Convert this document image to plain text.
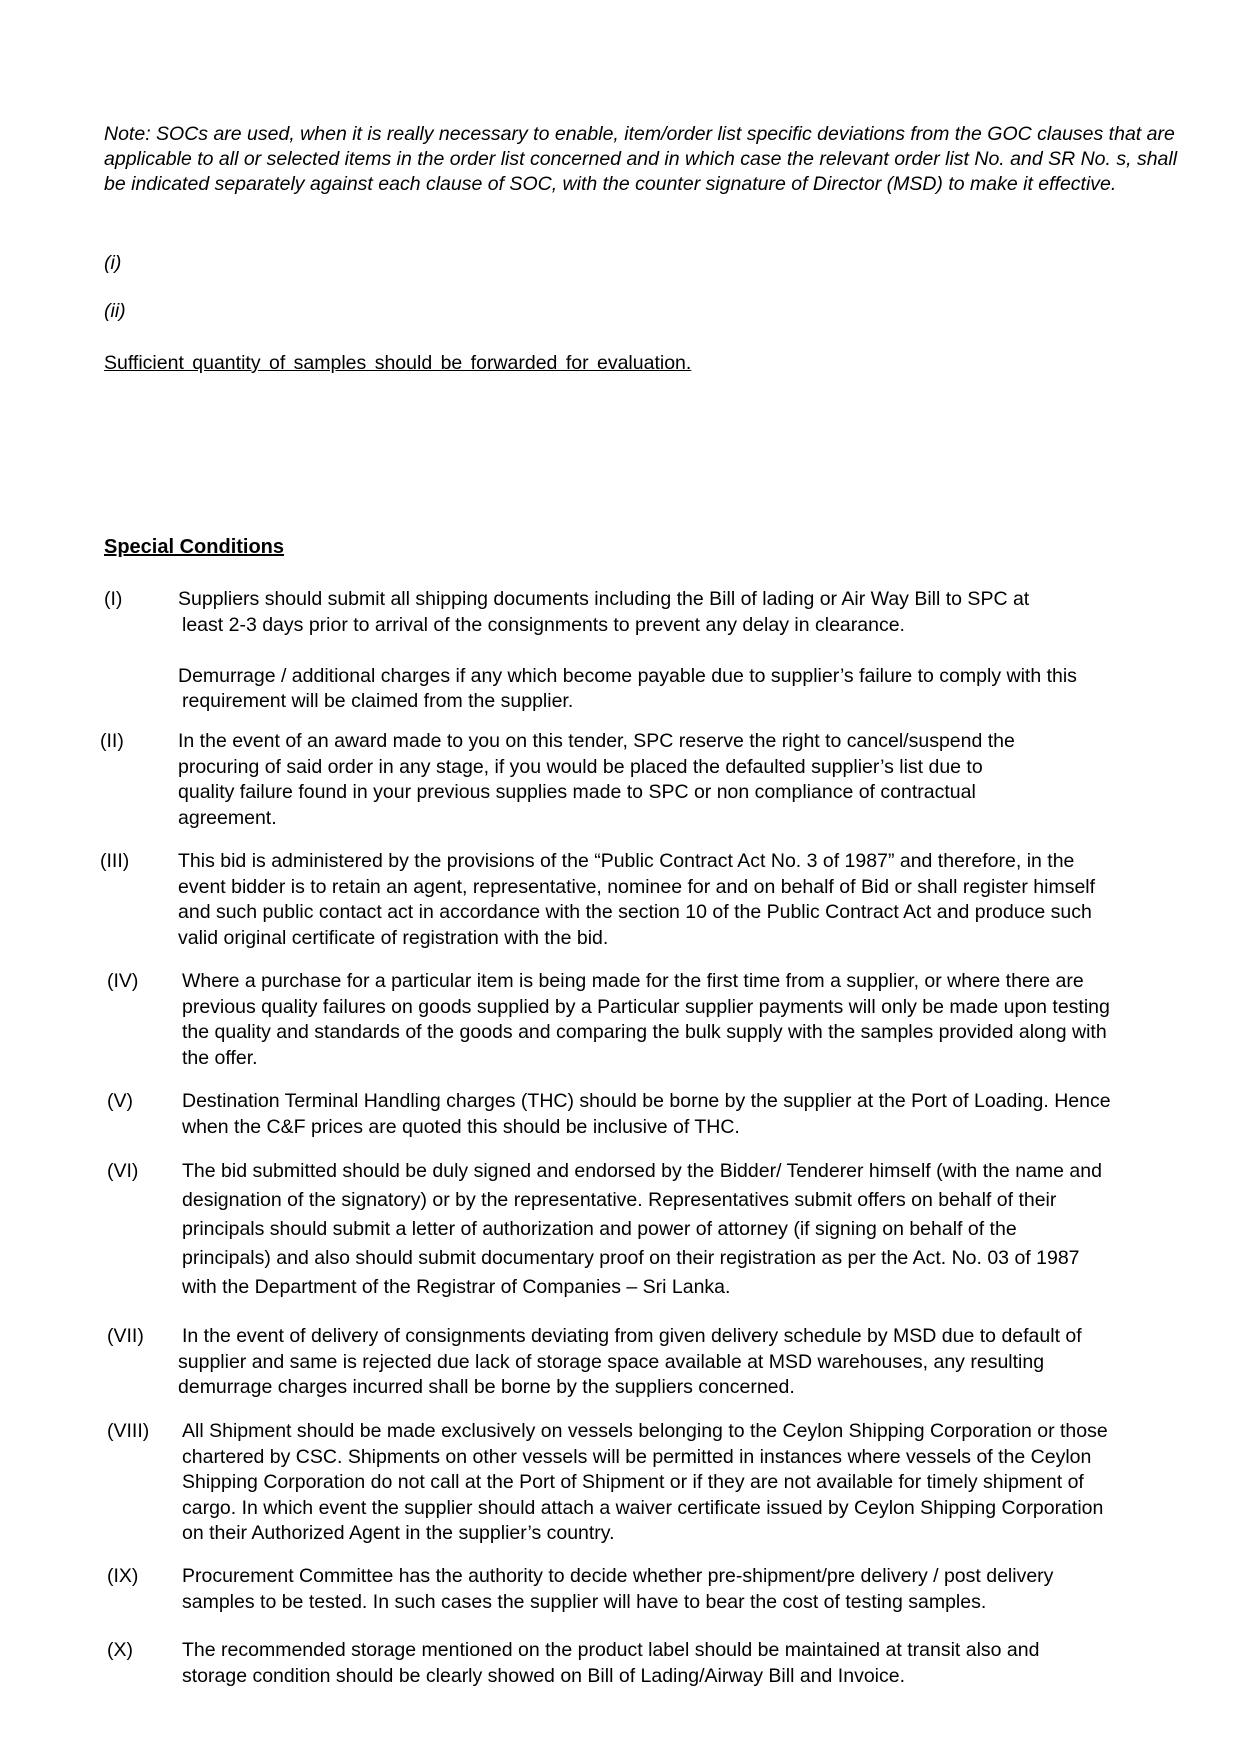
Note: SOCs are used, when it is really necessary to enable, item/order list specific deviations from the GOC clauses that are applicable to all or selected items in the order list concerned and in which case the relevant order list No. and SR No. s, shall be indicated separately against each clause of SOC, with the counter signature of Director (MSD) to make it effective.
(i)
(ii)
Sufficient quantity of samples should be forwarded for evaluation.
Special Conditions
(I)	Suppliers should submit all shipping documents including the Bill of lading or Air Way Bill to SPC at

least 2-3 days prior to arrival of the consignments to prevent any delay in clearance.

Demurrage / additional charges if any which become payable due to supplier’s failure to comply with this

requirement will be claimed from the supplier.

(II)	In the event of an award made to you on this tender, SPC reserve the right to cancel/suspend the

procuring of said order in any stage, if you would be placed the defaulted supplier’s list due to

quality failure found in your previous supplies made to SPC or non compliance of contractual

agreement.

(III)	This bid is administered by the provisions of the “Public Contract Act No. 3 of 1987” and therefore, in the

event bidder is to retain an agent, representative, nominee for and on behalf of Bid or shall register himself

and such public contact act in accordance with the section 10 of the Public Contract Act and produce such

valid original certificate of registration with the bid.

(IV) Where a purchase for a particular item is being made for the first time from a supplier, or where there are

previous quality failures on goods supplied by a Particular supplier payments will only be made upon testing

the quality and standards of the goods and comparing the bulk supply with the samples provided along with

the offer.

(V)	Destination Terminal Handling charges (THC) should be borne by the supplier at the Port of Loading. Hence

when the C&F prices are quoted this should be inclusive of THC.

(VI) The bid submitted should be duly signed and endorsed by the Bidder/ Tenderer himself (with the name and

designation of the signatory) or by the representative. Representatives submit offers on behalf of their

principals should submit a letter of authorization and power of attorney (if signing on behalf of the

principals) and also should submit documentary proof on their registration as per the Act. No. 03 of 1987

with the Department of the Registrar of Companies – Sri Lanka.

(VII) In the event of delivery of consignments deviating from given delivery schedule by MSD due to default of

supplier and same is rejected due lack of storage space available at MSD warehouses, any resulting

demurrage charges incurred shall be borne by the suppliers concerned.

(VIII) All Shipment should be made exclusively on vessels belonging to the Ceylon Shipping Corporation or those

chartered by CSC. Shipments on other vessels will be permitted in instances where vessels of the Ceylon

Shipping Corporation do not call at the Port of Shipment or if they are not available for timely shipment of

cargo. In which event the supplier should attach a waiver certificate issued by Ceylon Shipping Corporation

on their Authorized Agent in the supplier’s country.

(IX) Procurement Committee has the authority to decide whether pre-shipment/pre delivery / post delivery

samples to be tested. In such cases the supplier will have to bear the cost of testing samples.

(X)	The recommended storage mentioned on the product label should be maintained at transit also and

storage condition should be clearly showed on Bill of Lading/Airway Bill and Invoice.
